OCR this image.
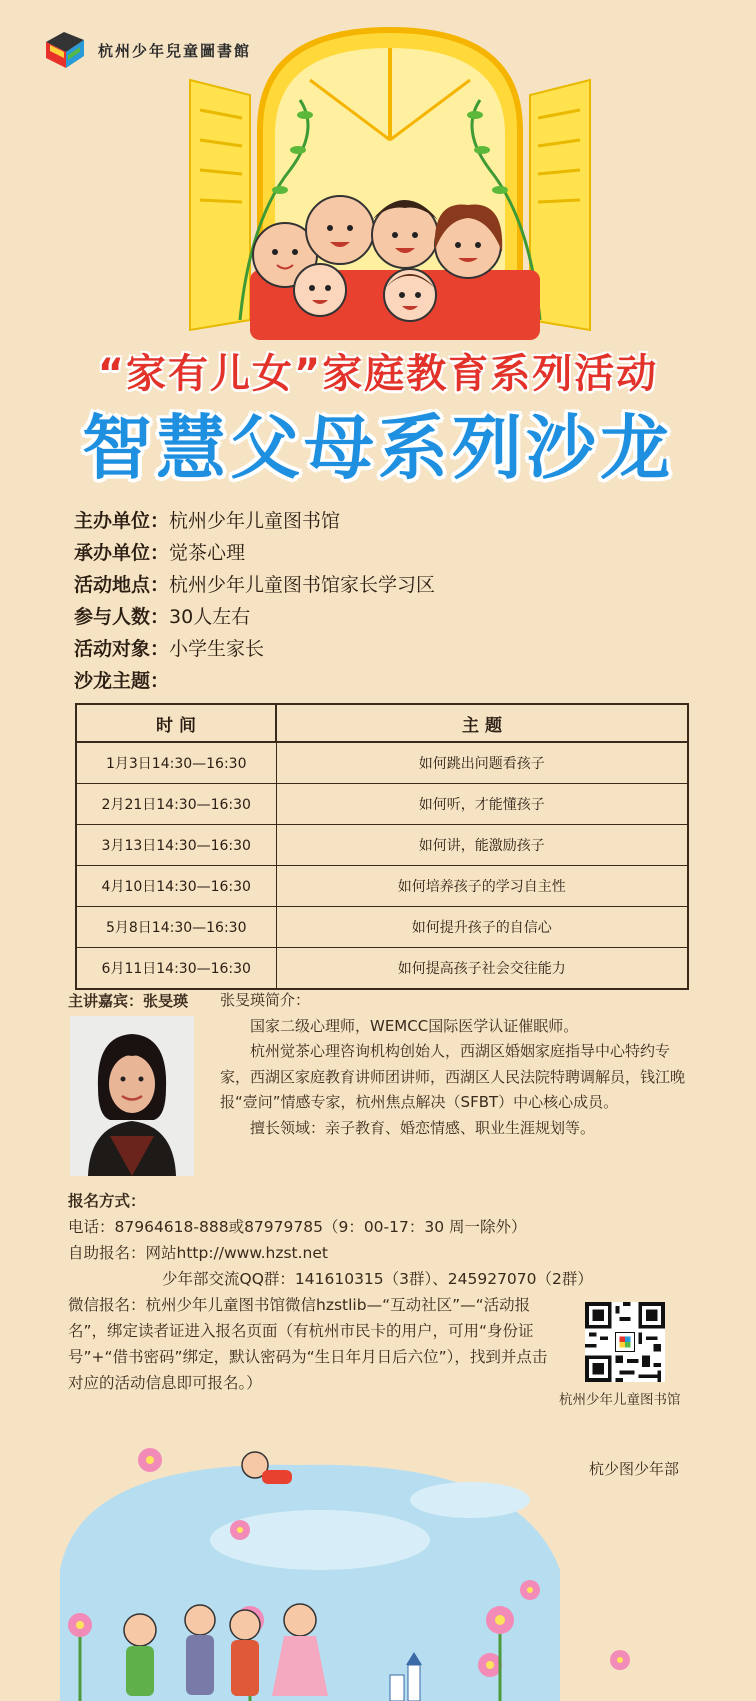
杭州少年兒童圖書館
“家有儿女”家庭教育系列活动
智慧父母系列沙龙
主办单位： 杭州少年儿童图书馆
承办单位： 觉茶心理
活动地点： 杭州少年儿童图书馆家长学习区
参与人数： 30人左右
活动对象： 小学生家长
沙龙主题：
时 间	主 题
1月3日14:30—16:30	如何跳出问题看孩子
2月21日14:30—16:30	如何听，才能懂孩子
3月13日14:30—16:30	如何讲，能激励孩子
4月10日14:30—16:30	如何培养孩子的学习自主性
5月8日14:30—16:30	如何提升孩子的自信心
6月11日14:30—16:30	如何提高孩子社会交往能力
主讲嘉宾：张旻瑛 张旻瑛简介：

国家二级心理师，WEMCC国际医学认证催眠师。

杭州觉茶心理咨询机构创始人，西湖区婚姻家庭指导中心特约专家，西湖区家庭教育讲师团讲师，西湖区人民法院特聘调解员，钱江晚报“壹问”情感专家，杭州焦点解决（SFBT）中心核心成员。

擅长领域：亲子教育、婚恋情感、职业生涯规划等。

报名方式：

电话：87964618-888或87979785（9：00-17：30 周一除外）

自助报名：网站http://www.hzst.net

少年部交流QQ群：141610315（3群）、245927070（2群）

微信报名：杭州少年儿童图书馆微信hzstlib—“互动社区”—“活动报名”，绑定读者证进入报名页面（有杭州市民卡的用户，可用“身份证号”+“借书密码”绑定，默认密码为“生日年月日后六位”），找到并点击对应的活动信息即可报名。）

杭州少年儿童图书馆
杭少图少年部
